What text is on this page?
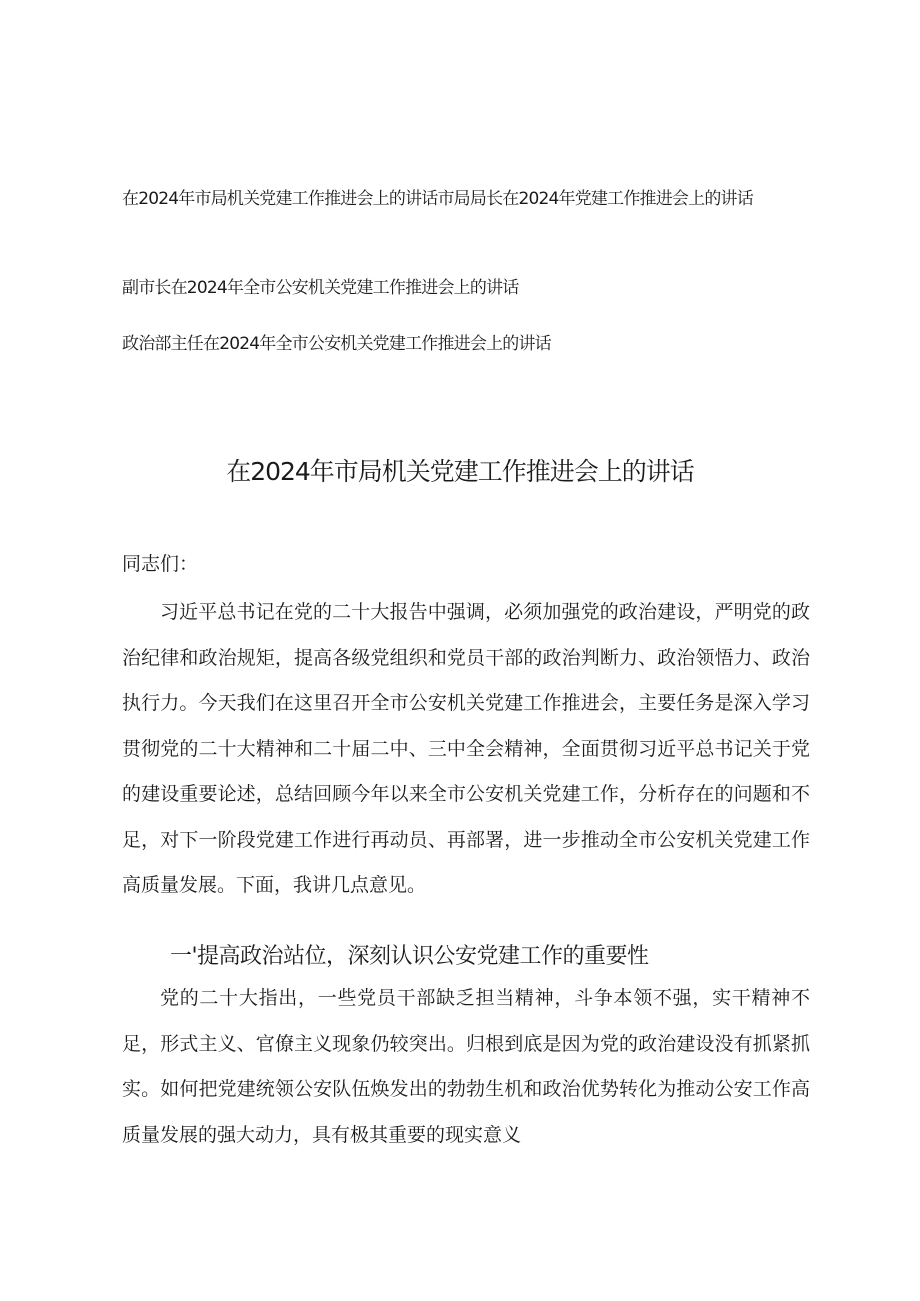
在2024年市局机关党建工作推进会上的讲话市局局长在2024年党建工作推进会上的讲话
副市长在2024年全市公安机关党建工作推进会上的讲话
政治部主任在2024年全市公安机关党建工作推进会上的讲话
在2024年市局机关党建工作推进会上的讲话
同志们：

习近平总书记在党的二十大报告中强调，必须加强党的政治建设，严明党的政治纪律和政治规矩，提高各级党组织和党员干部的政治判断力、政治领悟力、政治执行力。今天我们在这里召开全市公安机关党建工作推进会，主要任务是深入学习贯彻党的二十大精神和二十届二中、三中全会精神，全面贯彻习近平总书记关于党的建设重要论述，总结回顾今年以来全市公安机关党建工作，分析存在的问题和不足，对下一阶段党建工作进行再动员、再部署，进一步推动全市公安机关党建工作高质量发展。下面，我讲几点意见。

一'提高政治站位，深刻认识公安党建工作的重要性

党的二十大指出，一些党员干部缺乏担当精神，斗争本领不强，实干精神不足，形式主义、官僚主义现象仍较突出。归根到底是因为党的政治建设没有抓紧抓实。如何把党建统领公安队伍焕发出的勃勃生机和政治优势转化为推动公安工作高质量发展的强大动力，具有极其重要的现实意义
